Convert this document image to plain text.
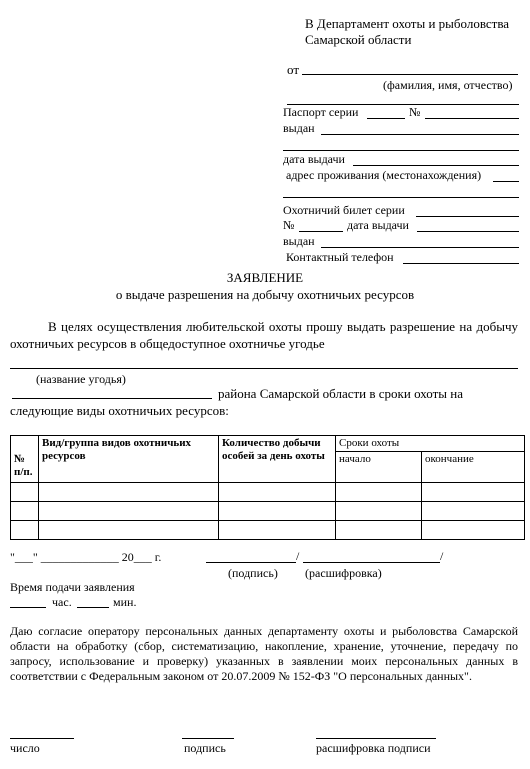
В Департамент охоты и рыболовства
Самарской области
от
(фамилия, имя, отчество)
Паспорт серии	№
выдан
дата выдачи
адрес проживания (местонахождения)
Охотничий билет серии
№	дата выдачи
выдан
Контактный телефон
ЗАЯВЛЕНИЕ
о выдаче разрешения на добычу охотничьих ресурсов
В целях осуществления любительской охоты прошу выдать разрешение на добычу охотничьих ресурсов в общедоступное охотничье угодье
(название угодья)
района Самарской области в сроки охоты на
следующие виды охотничьих ресурсов:
№ п/п.	Вид/группа видов охотничьих ресурсов	Количество добычи особей за день охоты	Сроки охоты	
			начало	окончание

"___" _____________ 20___ г.	/	/
(подпись) (расшифровка)
Время подачи заявления
час.	мин.
Даю согласие оператору персональных данных департаменту охоты и рыболовства Самарской области на обработку (сбор, систематизацию, накопление, хранение, уточнение, передачу по запросу, использование и проверку) указанных в заявлении моих персональных данных в соответствии с Федеральным законом от 20.07.2009 № 152-ФЗ "О персональных данных".
число	подпись	расшифровка подписи
